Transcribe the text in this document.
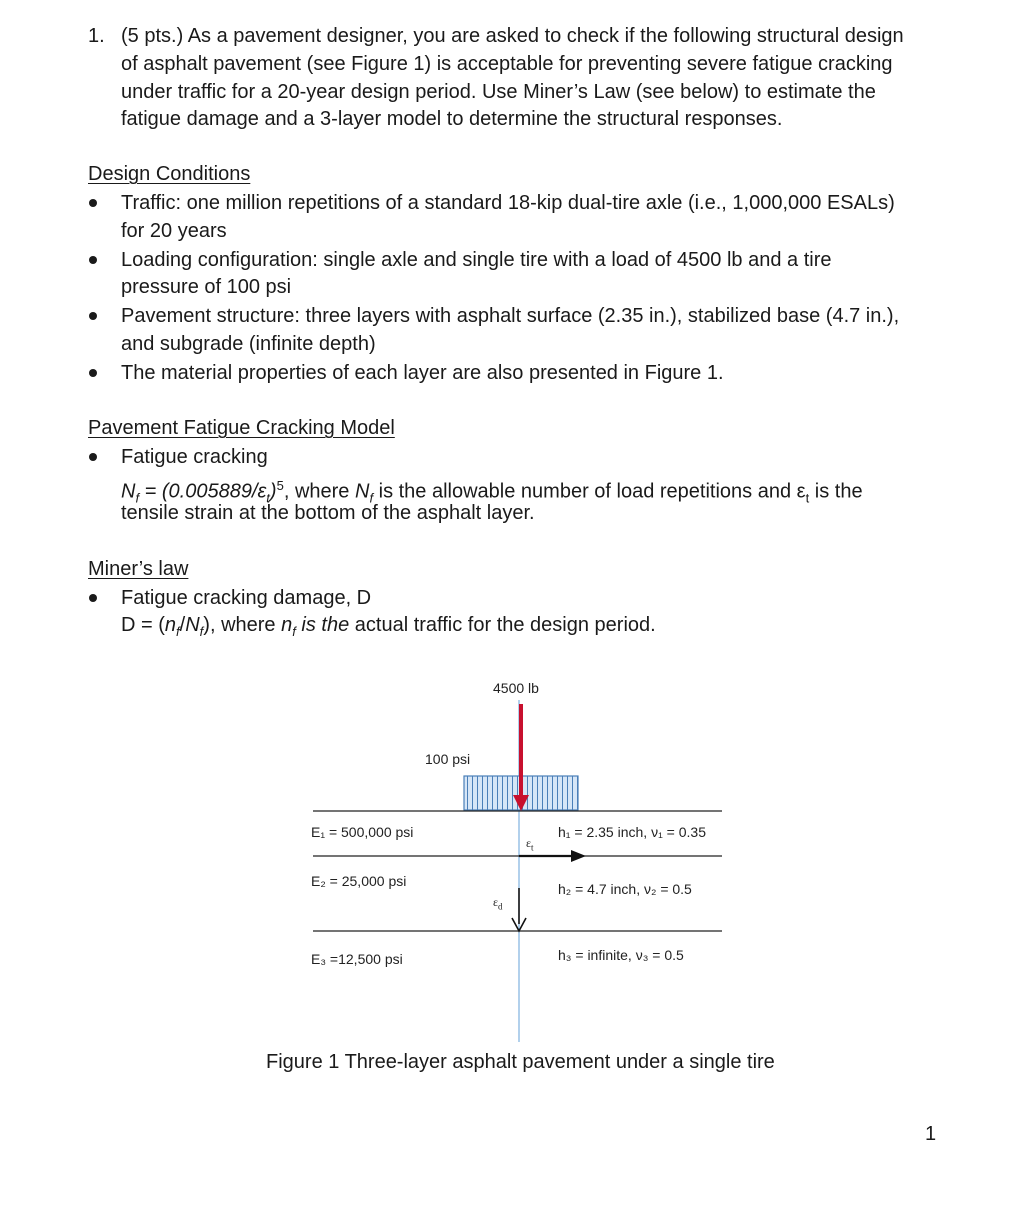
1. (5 pts.) As a pavement designer, you are asked to check if the following structural design
of asphalt pavement (see Figure 1) is acceptable for preventing severe fatigue cracking
under traffic for a 20-year design period. Use Miner’s Law (see below) to estimate the
fatigue damage and a 3-layer model to determine the structural responses.
Design Conditions
Traffic: one million repetitions of a standard 18-kip dual-tire axle (i.e., 1,000,000 ESALs)
for 20 years
Loading configuration: single axle and single tire with a load of 4500 lb and a tire
pressure of 100 psi
Pavement structure: three layers with asphalt surface (2.35 in.), stabilized base (4.7 in.),
and subgrade (infinite depth)
The material properties of each layer are also presented in Figure 1.
Pavement Fatigue Cracking Model
Fatigue cracking
$N_f = (0.005889/\varepsilon_t)^5$, where $N_f$ is the allowable number of load repetitions and $\varepsilon_t$ is the
tensile strain at the bottom of the asphalt layer.
Miner’s law
Fatigue cracking damage, D
$D = (n_f/N_f)$, where $n_f$ is the actual traffic for the design period.
4500 lb
100 psi
$\varepsilon_t$
$\varepsilon_d$
E₁ = 500,000 psi	h₁ = 2.35 inch, ν₁ = 0.35
E₂ = 25,000 psi	h₂ = 4.7 inch, ν₂ = 0.5
E₃ =12,500 psi	h₃ = infinite, ν₃ = 0.5
Figure 1 Three-layer asphalt pavement under a single tire
1
